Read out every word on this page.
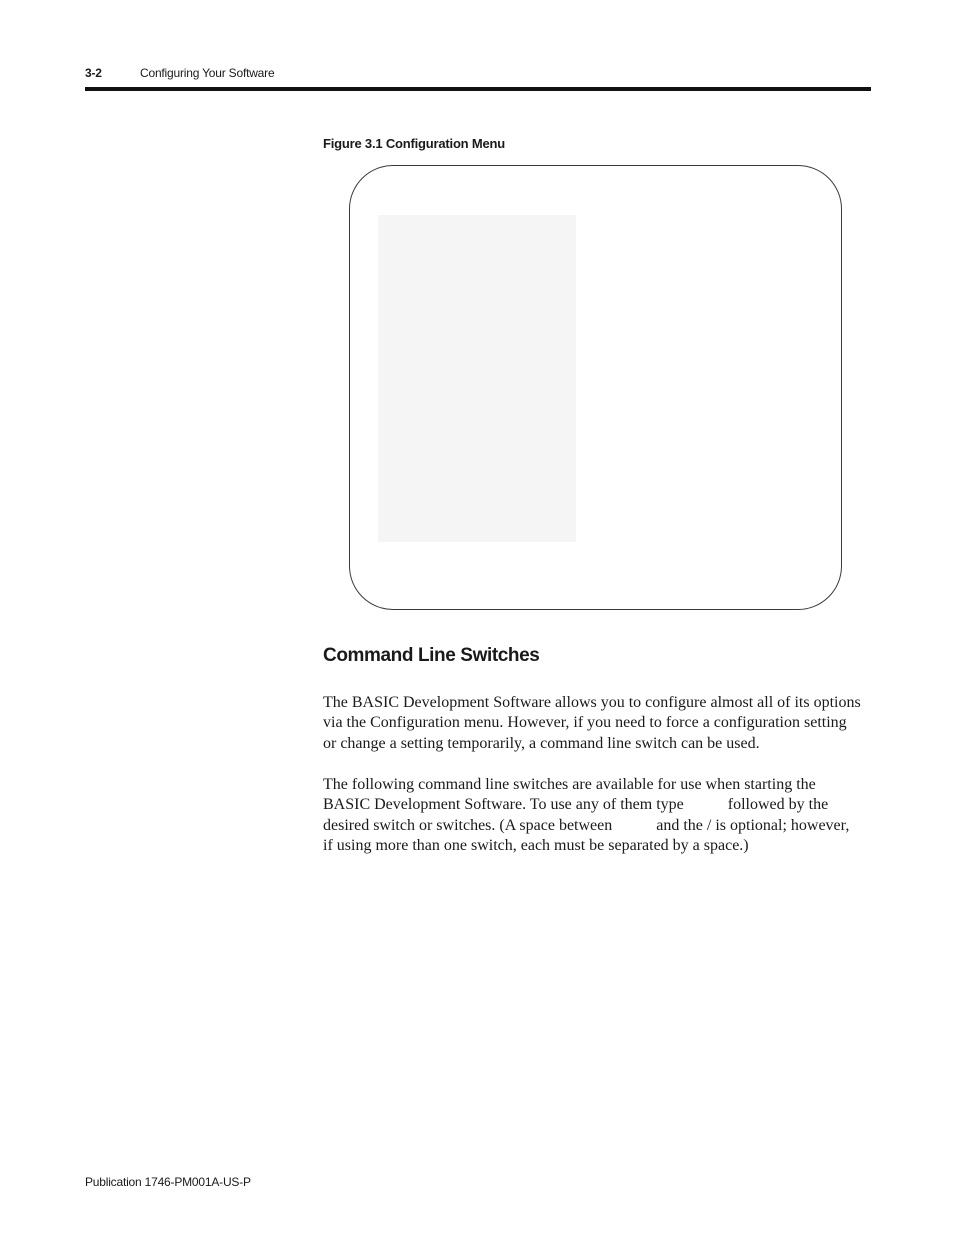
3-2	Configuring Your Software
Figure 3.1 Configuration Menu
Command Line Switches
The BASIC Development Software allows you to configure almost all of its options
via the Configuration menu. However, if you need to force a configuration setting
or change a setting temporarily, a command line switch can be used.
The following command line switches are available for use when starting the
BASIC Development Software. To use any of them type	followed by the
desired switch or switches. (A space between	and the / is optional; however,
if using more than one switch, each must be separated by a space.)
Publication 1746-PM001A-US-P
